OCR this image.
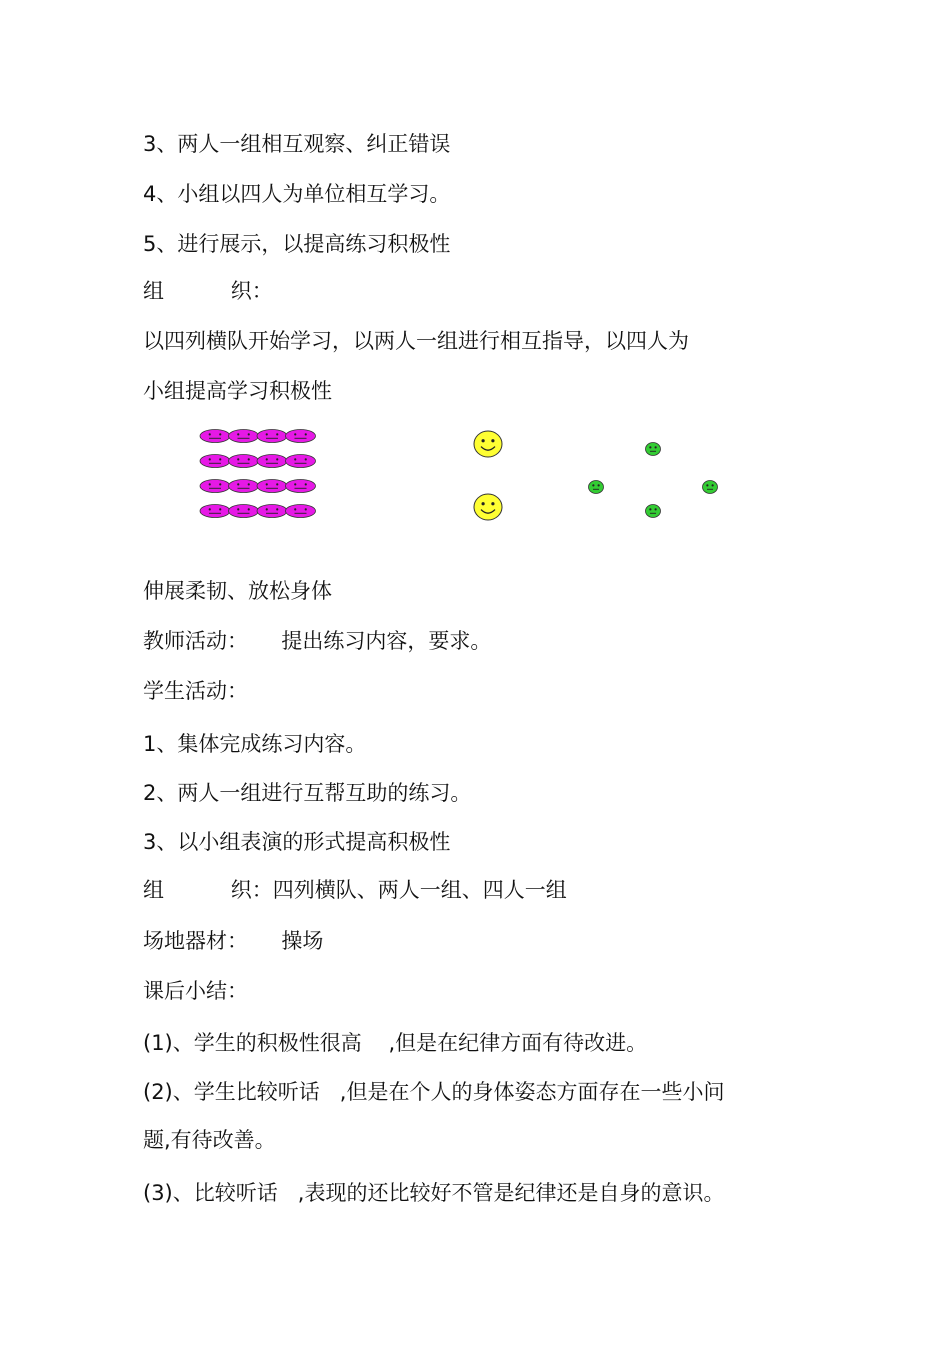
3、两人一组相互观察、纠正错误
4、小组以四人为单位相互学习。
5、进行展示，以提高练习积极性
组          织：
以四列横队开始学习，以两人一组进行相互指导，以四人为
小组提高学习积极性
伸展柔韧、放松身体
教师活动：     提出练习内容，要求。
学生活动：
1、集体完成练习内容。
2、两人一组进行互帮互助的练习。
3、以小组表演的形式提高积极性
组          织：四列横队、两人一组、四人一组
场地器材：     操场
课后小结：
(1)、学生的积极性很高    ,但是在纪律方面有待改进。
(2)、学生比较听话   ,但是在个人的身体姿态方面存在一些小问
题,有待改善。
(3)、比较听话   ,表现的还比较好不管是纪律还是自身的意识。
